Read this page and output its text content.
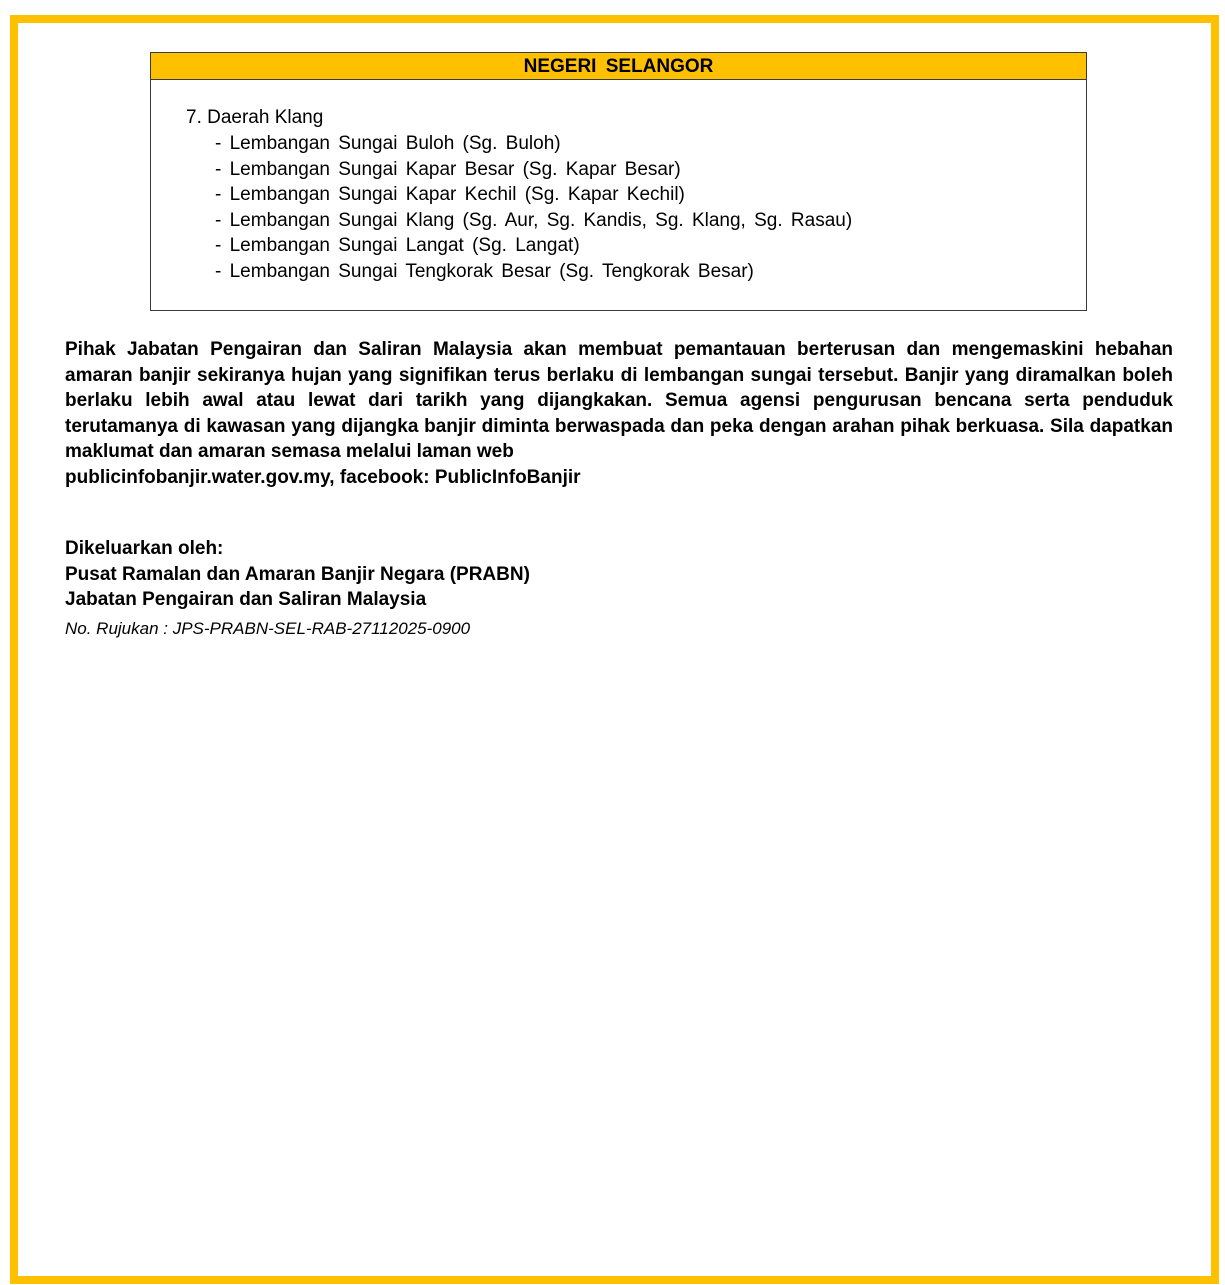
NEGERI SELANGOR
7. Daerah Klang
- Lembangan Sungai Buloh (Sg. Buloh)
- Lembangan Sungai Kapar Besar (Sg. Kapar Besar)
- Lembangan Sungai Kapar Kechil (Sg. Kapar Kechil)
- Lembangan Sungai Klang (Sg. Aur, Sg. Kandis, Sg. Klang, Sg. Rasau)
- Lembangan Sungai Langat (Sg. Langat)
- Lembangan Sungai Tengkorak Besar (Sg. Tengkorak Besar)

Pihak Jabatan Pengairan dan Saliran Malaysia akan membuat pemantauan berterusan dan mengemaskini hebahan amaran banjir sekiranya hujan yang signifikan terus berlaku di lembangan sungai tersebut. Banjir yang diramalkan boleh berlaku lebih awal atau lewat dari tarikh yang dijangkakan. Semua agensi pengurusan bencana serta penduduk terutamanya di kawasan yang dijangka banjir diminta berwaspada dan peka dengan arahan pihak berkuasa. Sila dapatkan maklumat dan amaran semasa melalui laman web
publicinfobanjir.water.gov.my, facebook: PublicInfoBanjir

Dikeluarkan oleh:
Pusat Ramalan dan Amaran Banjir Negara (PRABN)
Jabatan Pengairan dan Saliran Malaysia
No. Rujukan : JPS-PRABN-SEL-RAB-27112025-0900
